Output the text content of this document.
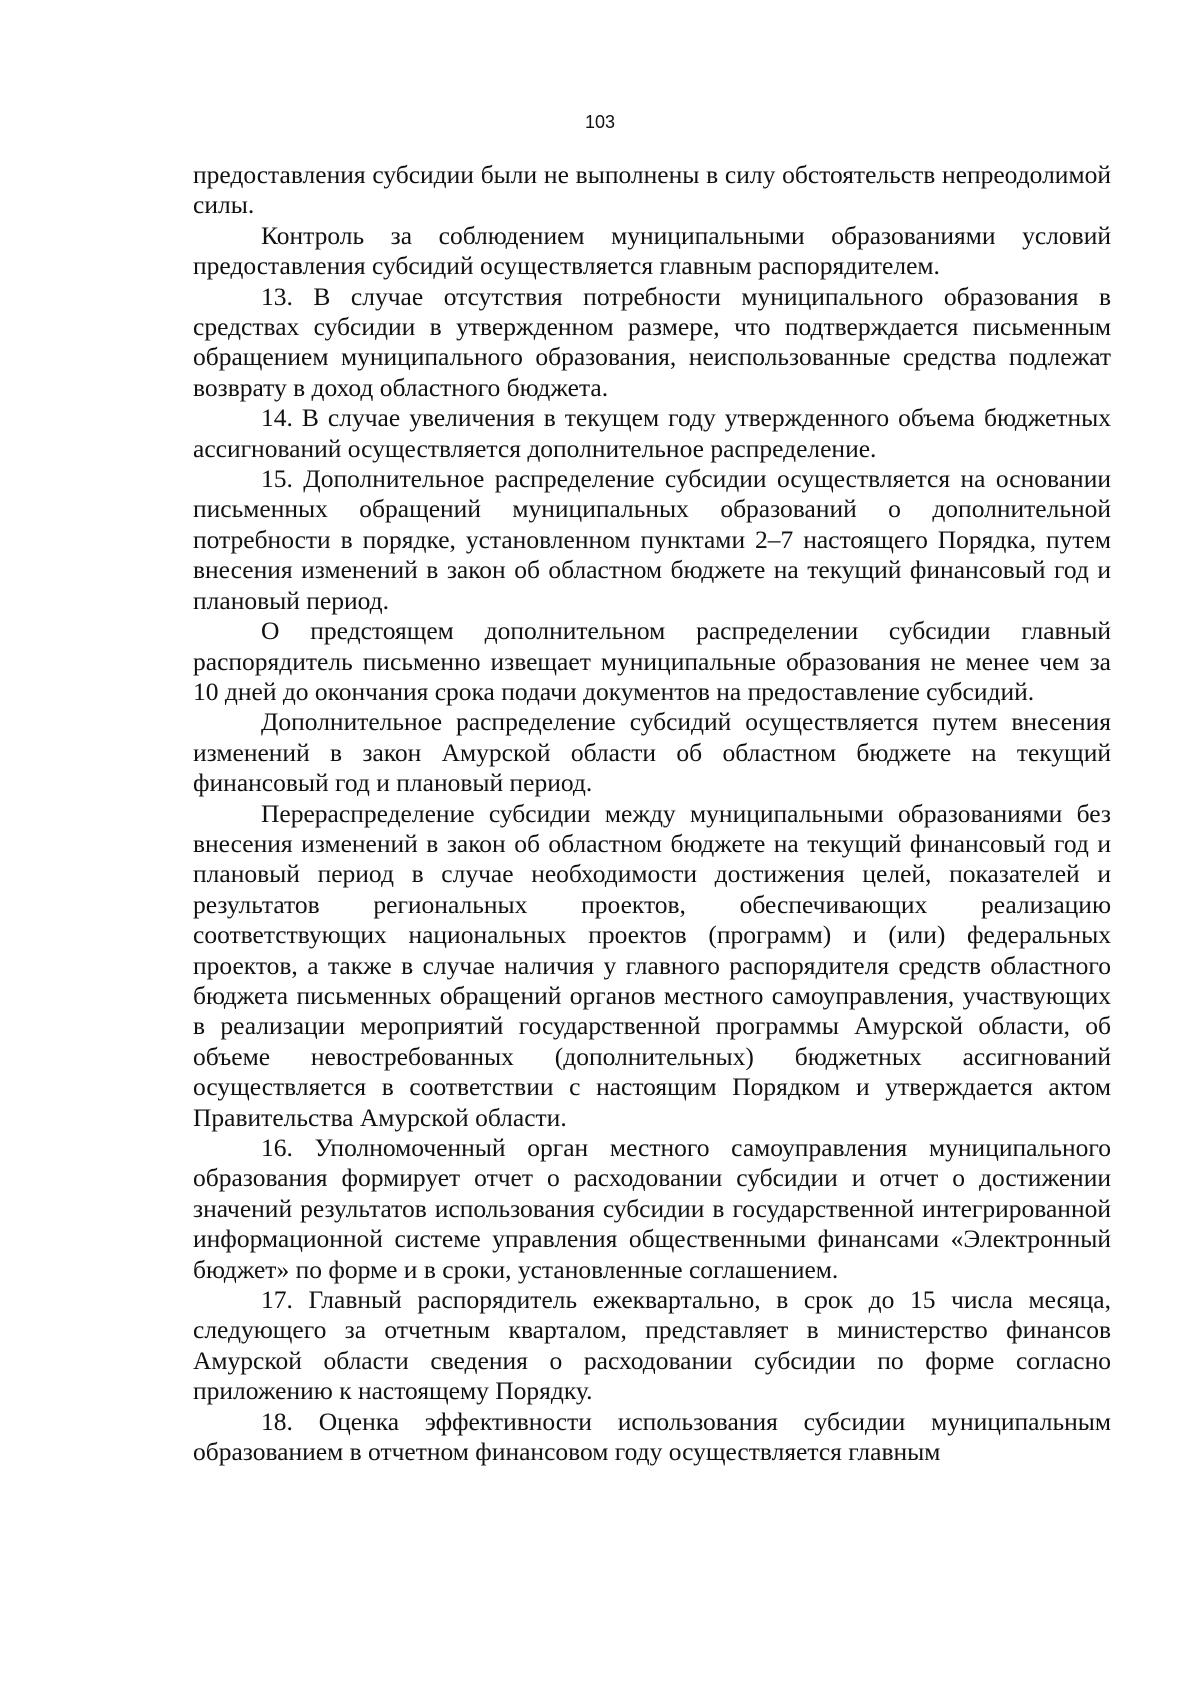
103

предоставления субсидии были не выполнены в силу обстоятельств непреодолимой силы.

Контроль за соблюдением муниципальными образованиями условий предоставления субсидий осуществляется главным распорядителем.

13. В случае отсутствия потребности муниципального образования в средствах субсидии в утвержденном размере, что подтверждается письменным обращением муниципального образования, неиспользованные средства подлежат возврату в доход областного бюджета.

14. В случае увеличения в текущем году утвержденного объема бюджетных ассигнований осуществляется дополнительное распределение.

15. Дополнительное распределение субсидии осуществляется на основании письменных обращений муниципальных образований о дополнительной потребности в порядке, установленном пунктами 2–7 настоящего Порядка, путем внесения изменений в закон об областном бюджете на текущий финансовый год и плановый период.

О предстоящем дополнительном распределении субсидии главный распорядитель письменно извещает муниципальные образования не менее чем за 10 дней до окончания срока подачи документов на предоставление субсидий.

Дополнительное распределение субсидий осуществляется путем внесения изменений в закон Амурской области об областном бюджете на текущий финансовый год и плановый период.

Перераспределение субсидии между муниципальными образованиями без внесения изменений в закон об областном бюджете на текущий финансовый год и плановый период в случае необходимости достижения целей, показателей и результатов региональных проектов, обеспечивающих реализацию соответствующих национальных проектов (программ) и (или) федеральных проектов, а также в случае наличия у главного распорядителя средств областного бюджета письменных обращений органов местного самоуправления, участвующих в реализации мероприятий государственной программы Амурской области, об объеме невостребованных (дополнительных) бюджетных ассигнований осуществляется в соответствии с настоящим Порядком и утверждается актом Правительства Амурской области.

16. Уполномоченный орган местного самоуправления муниципального образования формирует отчет о расходовании субсидии и отчет о достижении значений результатов использования субсидии в государственной интегрированной информационной системе управления общественными финансами «Электронный бюджет» по форме и в сроки, установленные соглашением.

17. Главный распорядитель ежеквартально, в срок до 15 числа месяца, следующего за отчетным кварталом, представляет в министерство финансов Амурской области сведения о расходовании субсидии по форме согласно приложению к настоящему Порядку.

18. Оценка эффективности использования субсидии муниципальным образованием в отчетном финансовом году осуществляется главным
